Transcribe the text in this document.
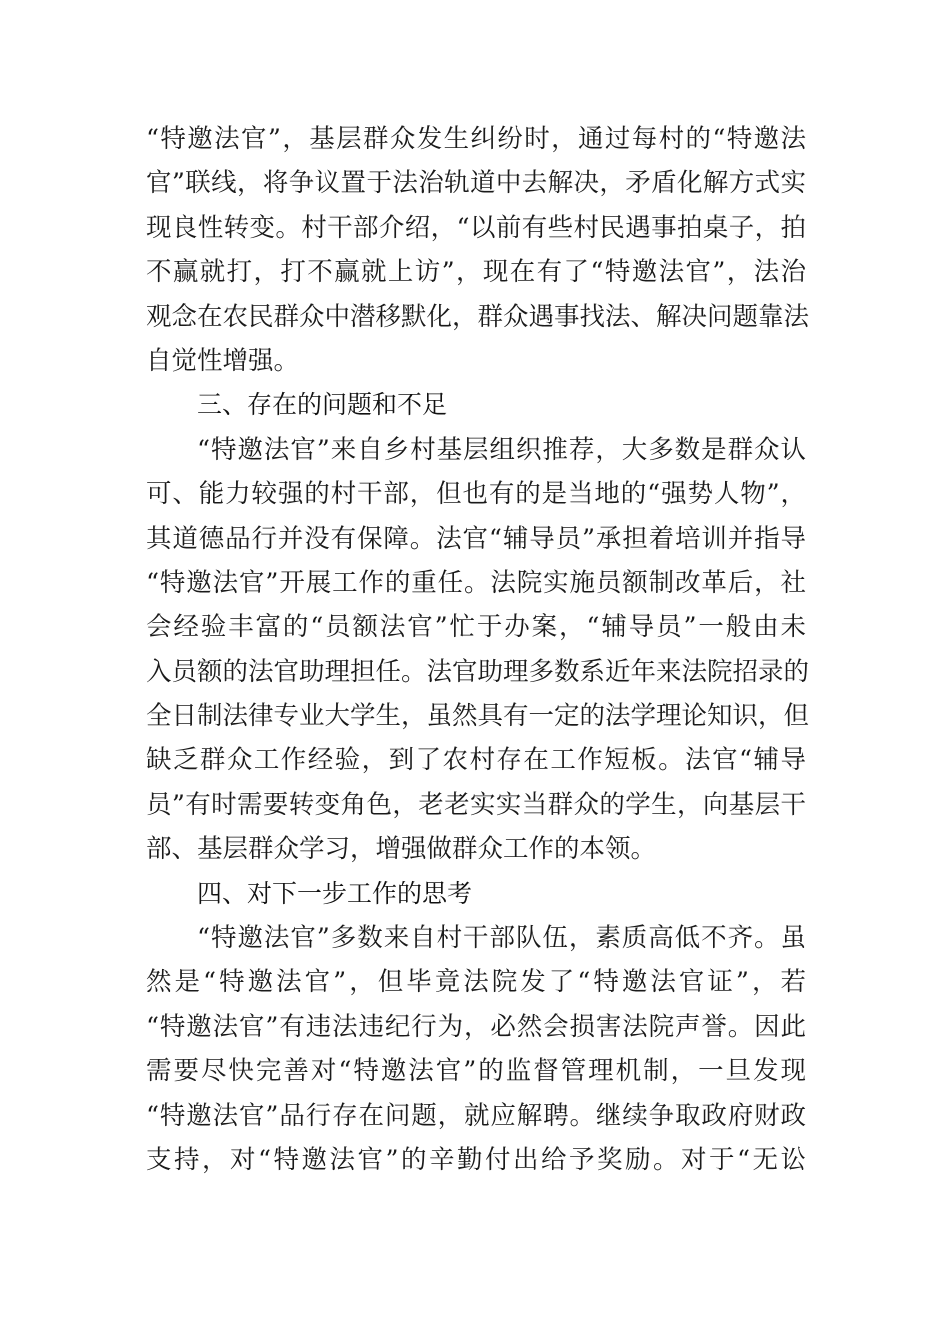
“特邀法官”，基层群众发生纠纷时，通过每村的“特邀法
官”联线，将争议置于法治轨道中去解决，矛盾化解方式实
现良性转变。村干部介绍，“以前有些村民遇事拍桌子，拍
不赢就打，打不赢就上访”，现在有了“特邀法官”，法治
观念在农民群众中潜移默化，群众遇事找法、解决问题靠法
自觉性增强。
三、存在的问题和不足
“特邀法官”来自乡村基层组织推荐，大多数是群众认
可、能力较强的村干部，但也有的是当地的“强势人物”，
其道德品行并没有保障。法官“辅导员”承担着培训并指导
“特邀法官”开展工作的重任。法院实施员额制改革后，社
会经验丰富的“员额法官”忙于办案，“辅导员”一般由未
入员额的法官助理担任。法官助理多数系近年来法院招录的
全日制法律专业大学生，虽然具有一定的法学理论知识，但
缺乏群众工作经验，到了农村存在工作短板。法官“辅导
员”有时需要转变角色，老老实实当群众的学生，向基层干
部、基层群众学习，增强做群众工作的本领。
四、对下一步工作的思考
“特邀法官”多数来自村干部队伍，素质高低不齐。虽
然是“特邀法官”，但毕竟法院发了“特邀法官证”，若
“特邀法官”有违法违纪行为，必然会损害法院声誉。因此
需要尽快完善对“特邀法官”的监督管理机制，一旦发现
“特邀法官”品行存在问题，就应解聘。继续争取政府财政
支持，对“特邀法官”的辛勤付出给予奖励。对于“无讼
